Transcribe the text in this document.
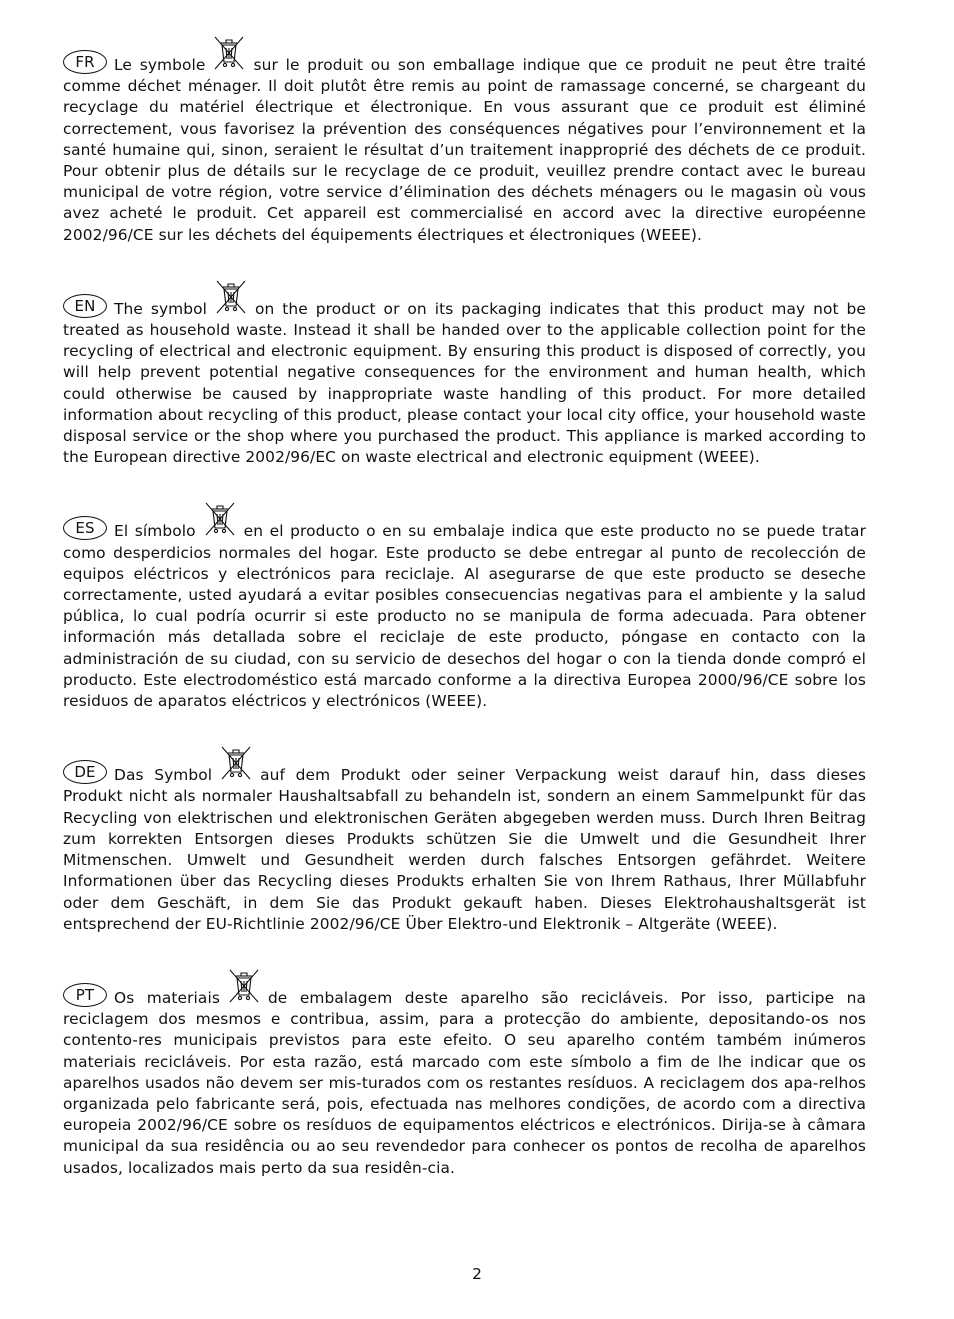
FR Le symbole	sur le produit ou son emballage indique que ce produit ne peut être traité comme déchet ménager. Il doit plutôt être remis au point de ramassage concerné, se chargeant du recyclage du matériel électrique et électronique. En vous assurant que ce produit est éliminé correctement, vous favorisez la prévention des conséquences négatives pour l’environnement et la santé humaine qui, sinon, seraient le résultat d’un traitement inapproprié des déchets de ce produit. Pour obtenir plus de détails sur le recyclage de ce produit, veuillez prendre contact avec le bureau municipal de votre région, votre service d’élimination des déchets ménagers ou le magasin où vous avez acheté le produit. Cet appareil est commercialisé en accord avec la directive européenne 2002/96/CE sur les déchets del équipements électriques et électroniques (WEEE).

EN The symbol	on the product or on its packaging indicates that this product may not be treated as household waste. Instead it shall be handed over to the applicable collection point for the recycling of electrical and electronic equipment. By ensuring this product is disposed of correctly, you will help prevent potential negative consequences for the environment and human health, which could otherwise be caused by inappropriate waste handling of this product. For more detailed information about recycling of this product, please contact your local city office, your household waste disposal service or the shop where you purchased the product. This appliance is marked according to the European directive 2002/96/EC on waste electrical and electronic equipment (WEEE).

ES El símbolo	en el producto o en su embalaje indica que este producto no se puede tratar como desperdicios normales del hogar. Este producto se debe entregar al punto de recolección de equipos eléctricos y electrónicos para reciclaje. Al asegurarse de que este producto se deseche correctamente, usted ayudará a evitar posibles consecuencias negativas para el ambiente y la salud pública, lo cual podría ocurrir si este producto no se manipula de forma adecuada. Para obtener información más detallada sobre el reciclaje de este producto, póngase en contacto con la administración de su ciudad, con su servicio de desechos del hogar o con la tienda donde compró el producto. Este electrodoméstico está marcado conforme a la directiva Europea 2000/96/CE sobre los residuos de aparatos eléctricos y electrónicos (WEEE).

DE Das Symbol	auf dem Produkt oder seiner Verpackung weist darauf hin, dass dieses Produkt nicht als normaler Haushaltsabfall zu behandeln ist, sondern an einem Sammelpunkt für das Recycling von elektrischen und elektronischen Geräten abgegeben werden muss. Durch Ihren Beitrag zum korrekten Entsorgen dieses Produkts schützen Sie die Umwelt und die Gesundheit Ihrer Mitmenschen. Umwelt und Gesundheit werden durch falsches Entsorgen gefährdet. Weitere Informationen über das Recycling dieses Produkts erhalten Sie von Ihrem Rathaus, Ihrer Müllabfuhr oder dem Geschäft, in dem Sie das Produkt gekauft haben. Dieses Elektrohaushaltsgerät ist entsprechend der EU-Richtlinie 2002/96/CE Über Elektro-und Elektronik – Altgeräte (WEEE).

PT Os materiais	de embalagem deste aparelho são recicláveis. Por isso, participe na reciclagem dos mesmos e contribua, assim, para a protecção do ambiente, depositando-os nos contento-res municipais previstos para este efeito. O seu aparelho contém também inúmeros materiais recicláveis. Por esta razão, está marcado com este símbolo a fim de lhe indicar que os aparelhos usados não devem ser mis-turados com os restantes resíduos. A reciclagem dos apa-relhos organizada pelo fabricante será, pois, efectuada nas melhores condições, de acordo com a directiva europeia 2002/96/CE sobre os resíduos de equipamentos eléctricos e electrónicos. Dirija-se à câmara municipal da sua residência ou ao seu revendedor para conhecer os pontos de recolha de aparelhos usados, localizados mais perto da sua residên-cia.

2
